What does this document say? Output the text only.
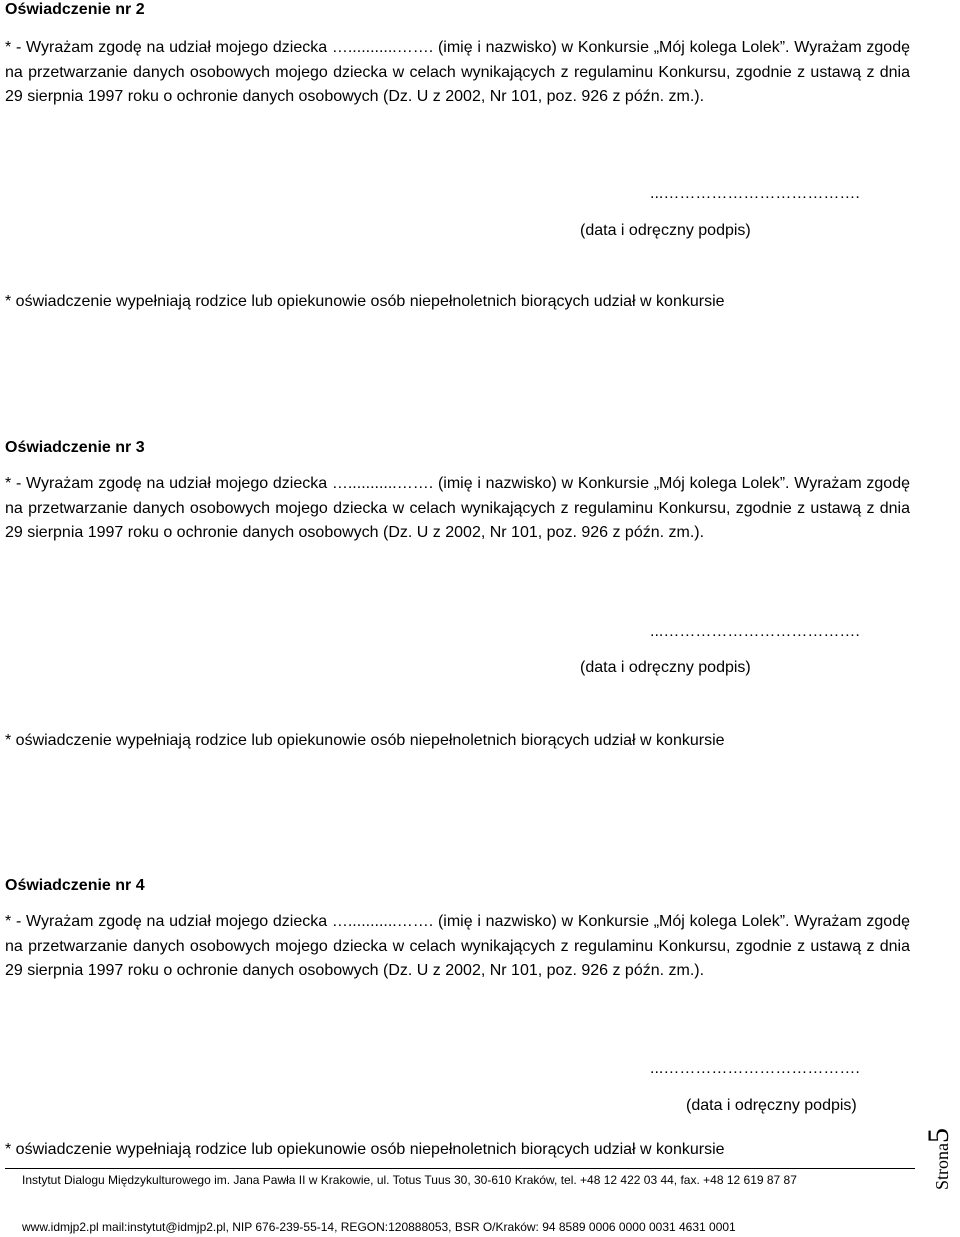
Oświadczenie nr 2

* - Wyrażam zgodę na udział mojego dziecka …...........……. (imię i nazwisko) w Konkursie „Mój kolega Lolek”. Wyrażam zgodę na przetwarzanie danych osobowych mojego dziecka w celach wynikających z regulaminu Konkursu, zgodnie z ustawą z dnia 29 sierpnia 1997 roku o ochronie danych osobowych (Dz. U z 2002, Nr 101, poz. 926 z późn. zm.).

...……………………………….
(data i odręczny podpis)
* oświadczenie wypełniają rodzice lub opiekunowie osób niepełnoletnich biorących udział w konkursie

Oświadczenie nr 3

* - Wyrażam zgodę na udział mojego dziecka …...........……. (imię i nazwisko) w Konkursie „Mój kolega Lolek”. Wyrażam zgodę na przetwarzanie danych osobowych mojego dziecka w celach wynikających z regulaminu Konkursu, zgodnie z ustawą z dnia 29 sierpnia 1997 roku o ochronie danych osobowych (Dz. U z 2002, Nr 101, poz. 926 z późn. zm.).

...……………………………….
(data i odręczny podpis)
* oświadczenie wypełniają rodzice lub opiekunowie osób niepełnoletnich biorących udział w konkursie

Oświadczenie nr 4

* - Wyrażam zgodę na udział mojego dziecka …...........……. (imię i nazwisko) w Konkursie „Mój kolega Lolek”. Wyrażam zgodę na przetwarzanie danych osobowych mojego dziecka w celach wynikających z regulaminu Konkursu, zgodnie z ustawą z dnia 29 sierpnia 1997 roku o ochronie danych osobowych (Dz. U z 2002, Nr 101, poz. 926 z późn. zm.).

...……………………………….
(data i odręczny podpis)
* oświadczenie wypełniają rodzice lub opiekunowie osób niepełnoletnich biorących udział w konkursie
Instytut Dialogu Międzykulturowego im. Jana Pawła II w Krakowie, ul. Totus Tuus 30, 30-610 Kraków, tel. +48 12 422 03 44, fax. +48 12 619 87 87
www.idmjp2.pl mail:instytut@idmjp2.pl, NIP 676-239-55-14, REGON:120888053, BSR O/Kraków: 94 8589 0006 0000 0031 4631 0001
Strona5
